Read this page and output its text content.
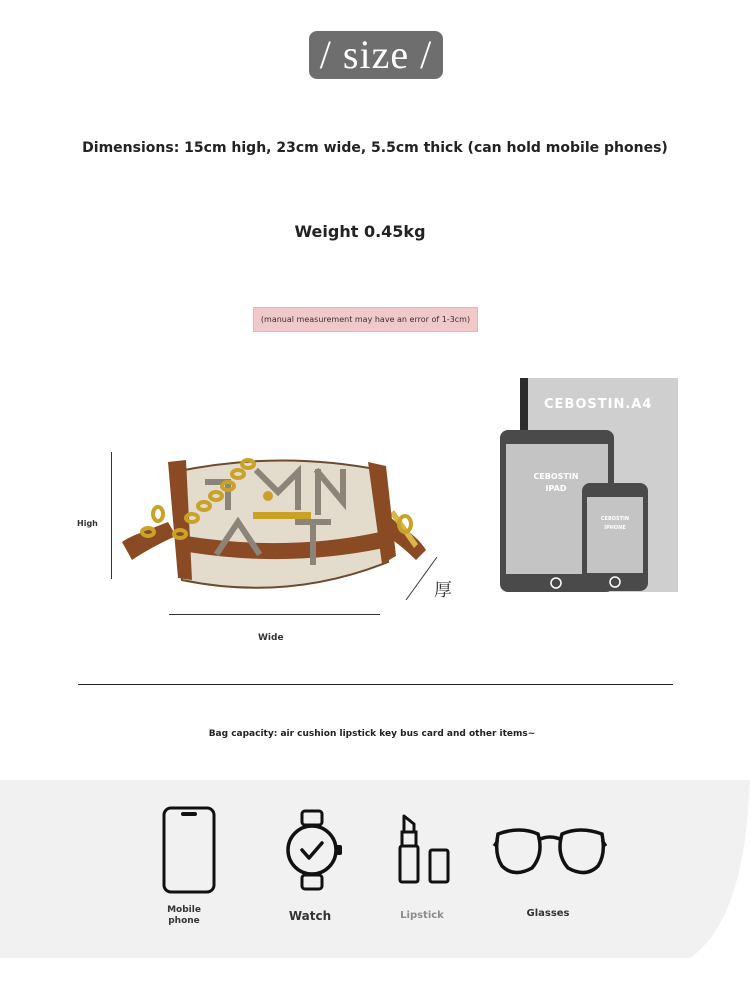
/ size /
Dimensions: 15cm high, 23cm wide, 5.5cm thick (can hold mobile phones)
Weight 0.45kg
(manual measurement may have an error of 1-3cm)
High
Wide
厚
CEBOSTIN.A4
CEBOSTIN
IPAD
CEBOSTIN
IPHONE
Bag capacity: air cushion lipstick key bus card and other items~
Mobile
phone	Watch	Lipstick	Glasses
